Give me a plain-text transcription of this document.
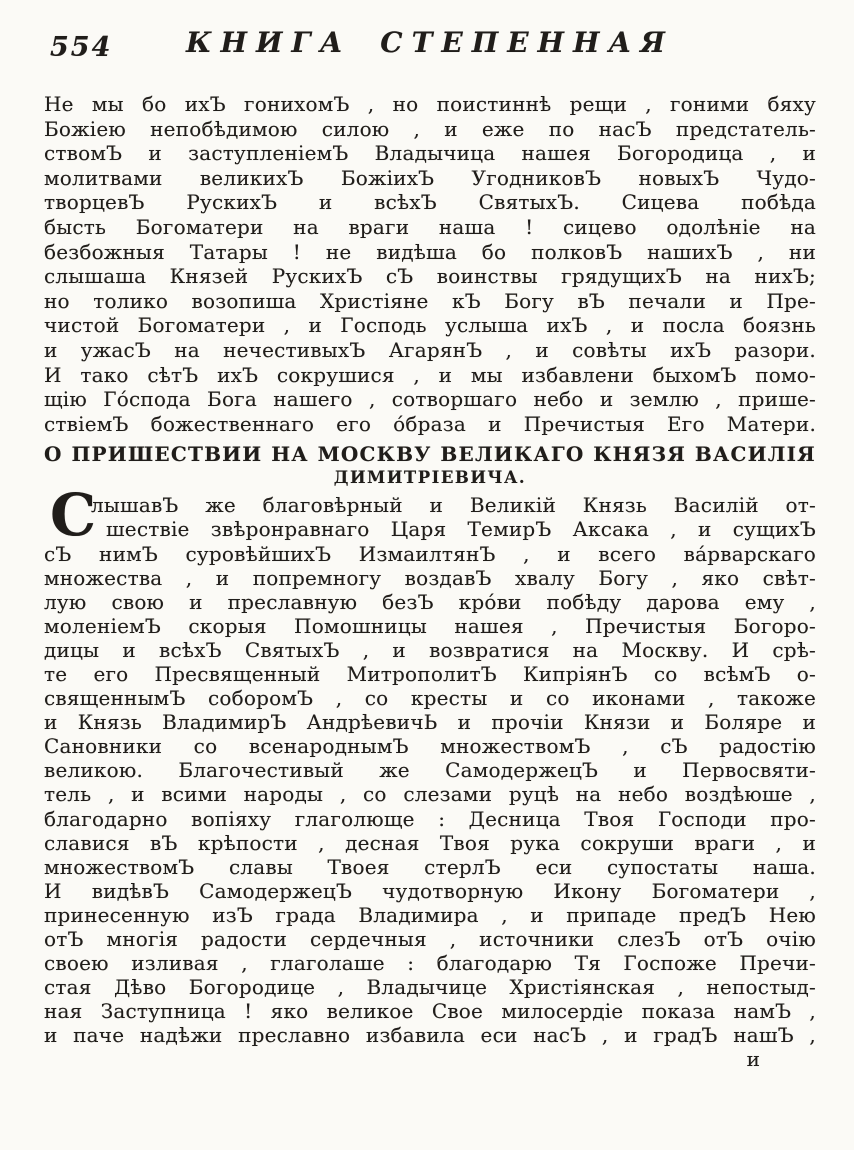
554	КНИГА СТЕПЕННАЯ
Не мы бо ихЪ гонихомЪ , но поистиннѣ рещи , гоними бяху
Божіею непобѣдимою силою , и еже по насЪ предстатель-
ствомЪ и заступленіемЪ Владычица нашея Богородица , и
молитвами великихЪ БожіихЪ УгодниковЪ новыхЪ Чудо-
творцевЪ РускихЪ и всѣхЪ СвятыхЪ. Сицева побѣда
бысть Богоматери на враги наша ! сицево одолѣніе на
безбожныя Татары ! не видѣша бо полковЪ нашихЪ , ни
слышаша Князей РускихЪ сЪ воинствы грядущихЪ на нихЪ;
но толико возопиша Христіяне кЪ Богу вЪ печали и Пре-
чистой Богоматери , и Господь услыша ихЪ , и посла боязнь
и ужасЪ на нечестивыхЪ АгарянЪ , и совѣты ихЪ разори.
И тако сѣтЪ ихЪ сокрушися , и мы избавлени быхомЪ помо-
щію Го́спода Бога нашего , сотворшаго небо и землю , прише-
ствіемЪ божественнаго его о́браза и Пречистыя Его Матери.
О ПРИШЕСТВИИ НА МОСКВУ ВЕЛИКАГО КНЯЗЯ ВАСИЛІЯ
ДИМИТРІЕВИЧА.
С
лышавЪ же благовѣрный и Великій Князь Василій от-
шествіе звѣронравнаго Царя ТемирЪ Аксака , и сущихЪ
сЪ нимЪ суровѣйшихЪ ИзмаилтянЪ , и всего ва́рварскаго
множества , и попремногу воздавЪ хвалу Богу , яко свѣт-
лую свою и преславную безЪ кро́ви побѣду дарова ему ,
моленіемЪ скорыя Помошницы нашея , Пречистыя Богоро-
дицы и всѣхЪ СвятыхЪ , и возвратися на Москву. И срѣ-
те его Пресвященный МитрополитЪ КипріянЪ со всѣмЪ о-
священнымЪ соборомЪ , со кресты и со иконами , такоже
и Князь ВладимирЪ АндрѣевичЬ и прочіи Князи и Боляре и
Сановники со всенароднымЪ множествомЪ , сЪ радостію
великою. Благочестивый же СамодержецЪ и Первосвяти-
тель , и всими народы , со слезами руцѣ на небо воздѣюше ,
благодарно вопіяху глаголюще : Десница Твоя Господи про-
славися вЪ крѣпости , десная Твоя рука сокруши враги , и
множествомЪ славы Твоея стерлЪ еси супостаты наша.
И видѣвЪ СамодержецЪ чудотворную Икону Богоматери ,
принесенную изЪ града Владимира , и припаде предЪ Нею
отЪ многія радости сердечныя , источники слезЪ отЪ очію
своею изливая , глаголаше : благодарю Тя Госпоже Пречи-
стая Дѣво Богородице , Владычице Христіянская , непостыд-
ная Заступница ! яко великое Свое милосердіе показа намЪ ,
и паче надѣжи преславно избавила еси насЪ , и градЪ нашЪ ,
и
